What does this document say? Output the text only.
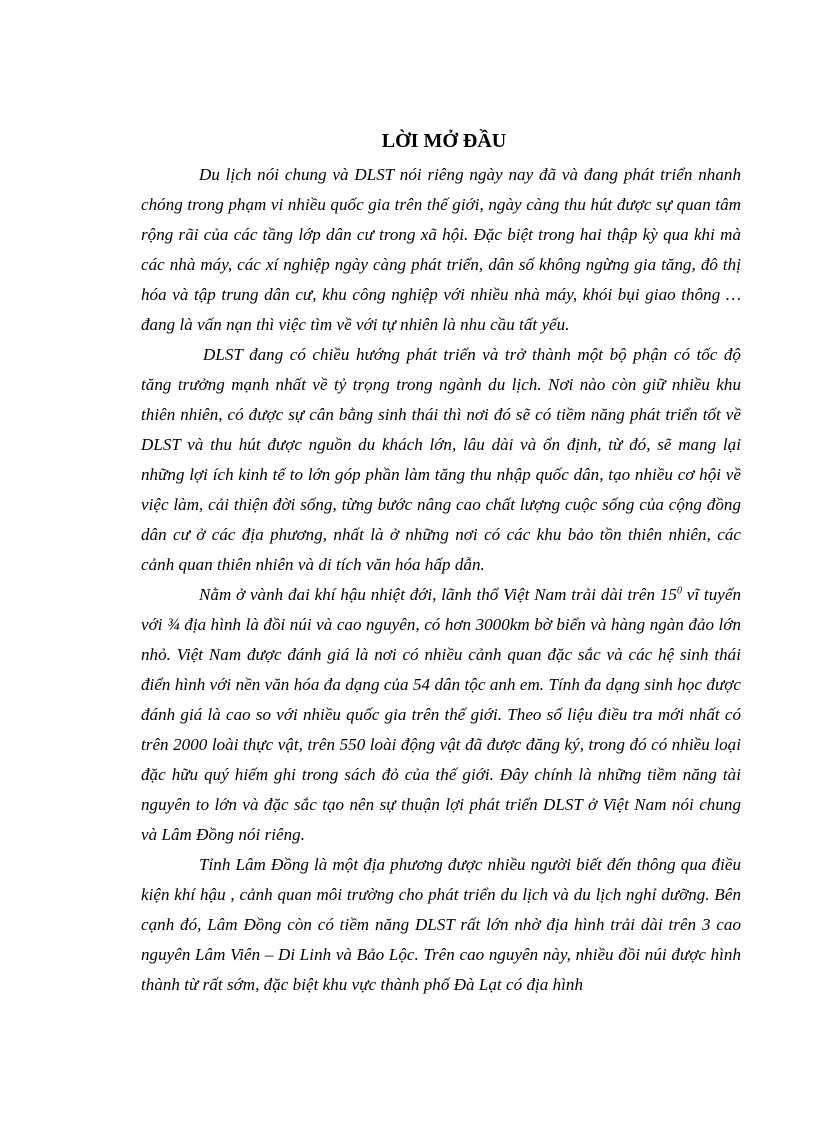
LỜI MỞ ĐẦU

Du lịch nói chung và DLST nói riêng ngày nay đã và đang phát triển nhanh chóng trong phạm vi nhiều quốc gia trên thế giới, ngày càng thu hút được sự quan tâm rộng rãi của các tầng lớp dân cư trong xã hội. Đặc biệt trong hai thập kỳ qua khi mà các nhà máy, các xí nghiệp ngày càng phát triển, dân số không ngừng gia tăng, đô thị hóa và tập trung dân cư, khu công nghiệp với nhiều nhà máy, khói bụi giao thông …đang là vấn nạn thì việc tìm về với tự nhiên là nhu cầu tất yếu.

DLST đang có chiều hướng phát triển và trở thành một bộ phận có tốc độ tăng trưởng mạnh nhất về tỷ trọng trong ngành du lịch. Nơi nào còn giữ nhiều khu thiên nhiên, có được sự cân bằng sinh thái thì nơi đó sẽ có tiềm năng phát triển tốt về DLST và thu hút được nguồn du khách lớn, lâu dài và ổn định, từ đó, sẽ mang lại những lợi ích kinh tế to lớn góp phần làm tăng thu nhập quốc dân, tạo nhiều cơ hội về việc làm, cải thiện đời sống, từng bước nâng cao chất lượng cuộc sống của cộng đồng dân cư ở các địa phương, nhất là ở những nơi có các khu bảo tồn thiên nhiên, các cảnh quan thiên nhiên và di tích văn hóa hấp dẫn.

Nằm ở vành đai khí hậu nhiệt đới, lãnh thổ Việt Nam trải dài trên $15^0$ vĩ tuyến với ¾ địa hình là đồi núi và cao nguyên, có hơn 3000km bờ biển và hàng ngàn đảo lớn nhỏ. Việt Nam được đánh giá là nơi có nhiều cảnh quan đặc sắc và các hệ sinh thái điển hình với nền văn hóa đa dạng của 54 dân tộc anh em. Tính đa dạng sinh học được đánh giá là cao so với nhiều quốc gia trên thế giới. Theo số liệu điều tra mới nhất có trên 2000 loài thực vật, trên 550 loài động vật đã được đăng ký, trong đó có nhiều loại đặc hữu quý hiếm ghi trong sách đỏ của thế giới. Đây chính là những tiềm năng tài nguyên to lớn và đặc sắc tạo nên sự thuận lợi phát triển DLST ở Việt Nam nói chung và Lâm Đồng nói riêng.

Tỉnh Lâm Đồng là một địa phương được nhiều người biết đến thông qua điều kiện khí hậu , cảnh quan môi trường cho phát triển du lịch và du lịch nghỉ dưỡng. Bên cạnh đó, Lâm Đồng còn có tiềm năng DLST rất lớn nhờ địa hình trải dài trên 3 cao nguyên Lâm Viên – Di Linh và Bảo Lộc. Trên cao nguyên này, nhiều đồi núi được hình thành từ rất sớm, đặc biệt khu vực thành phố Đà Lạt có địa hình
